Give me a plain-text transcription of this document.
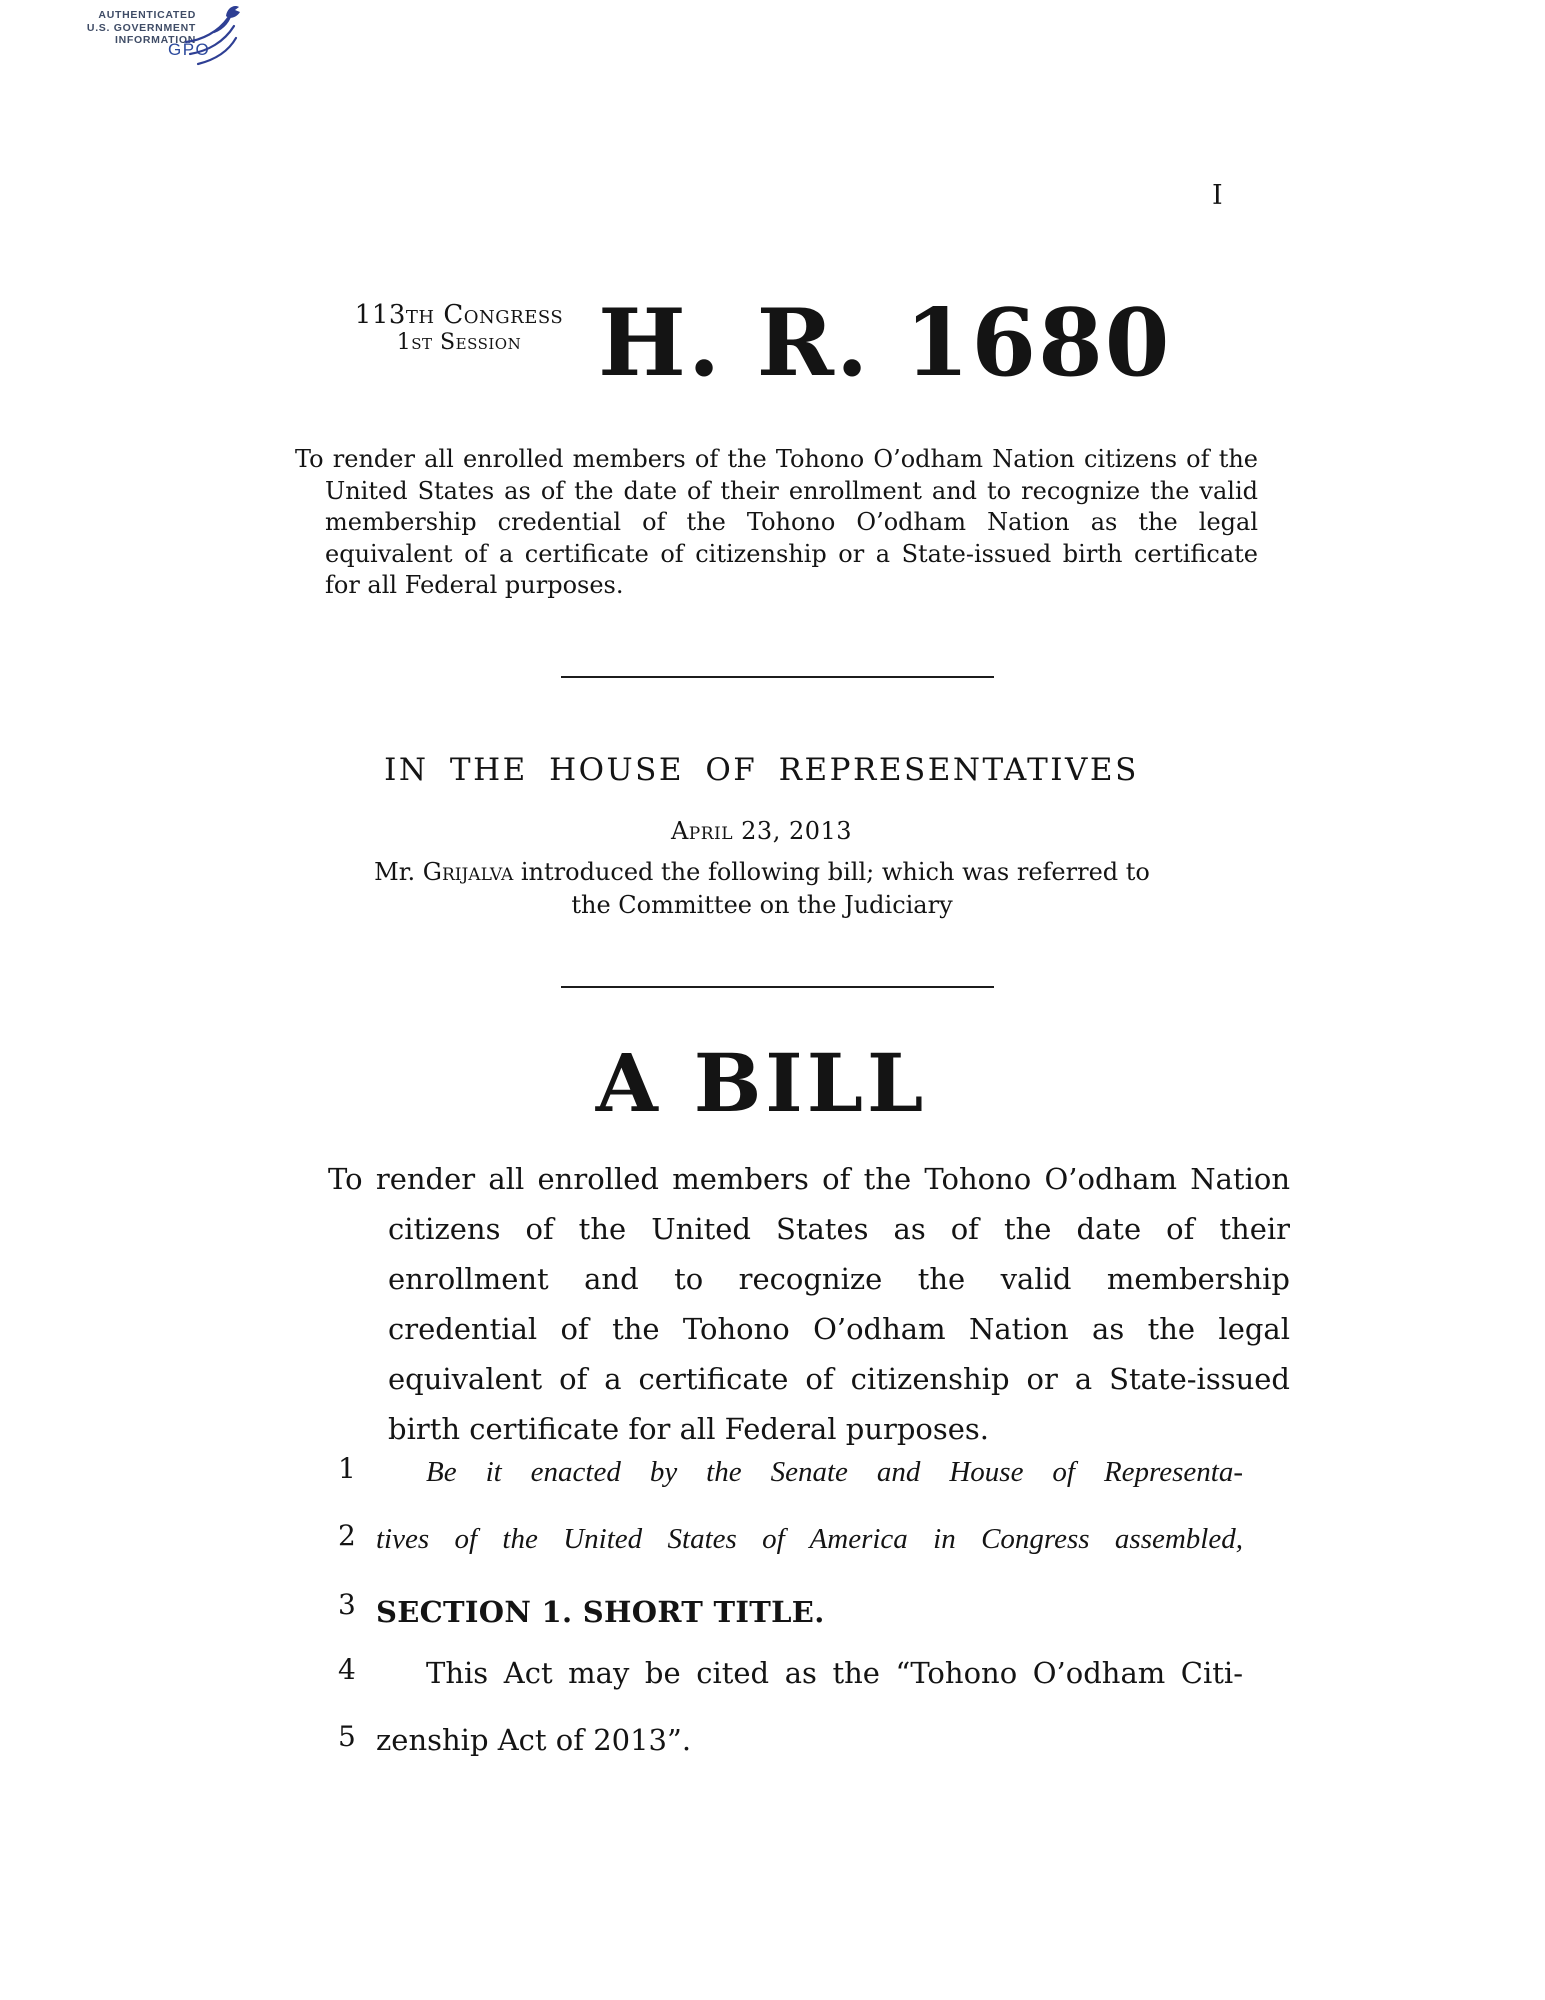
AUTHENTICATED
U.S. GOVERNMENT
INFORMATION
GPO
I
113th Congress
1st Session H. R. 1680
To render all enrolled members of the Tohono O’odham Nation citizens of the United States as of the date of their enrollment and to recognize the valid membership credential of the Tohono O’odham Nation as the legal equivalent of a certificate of citizenship or a State-issued birth certificate for all Federal purposes.
IN THE HOUSE OF REPRESENTATIVES
April 23, 2013
Mr. Grijalva introduced the following bill; which was referred to the Committee on the Judiciary
A BILL
To render all enrolled members of the Tohono O’odham Nation citizens of the United States as of the date of their enrollment and to recognize the valid membership credential of the Tohono O’odham Nation as the legal equivalent of a certificate of citizenship or a State-issued birth certificate for all Federal purposes.
1	Be it enacted by the Senate and House of Representa-
2 tives of the United States of America in Congress assembled,
3 SECTION 1. SHORT TITLE.
4	This Act may be cited as the “Tohono O’odham Citi-
5 zenship Act of 2013”.
